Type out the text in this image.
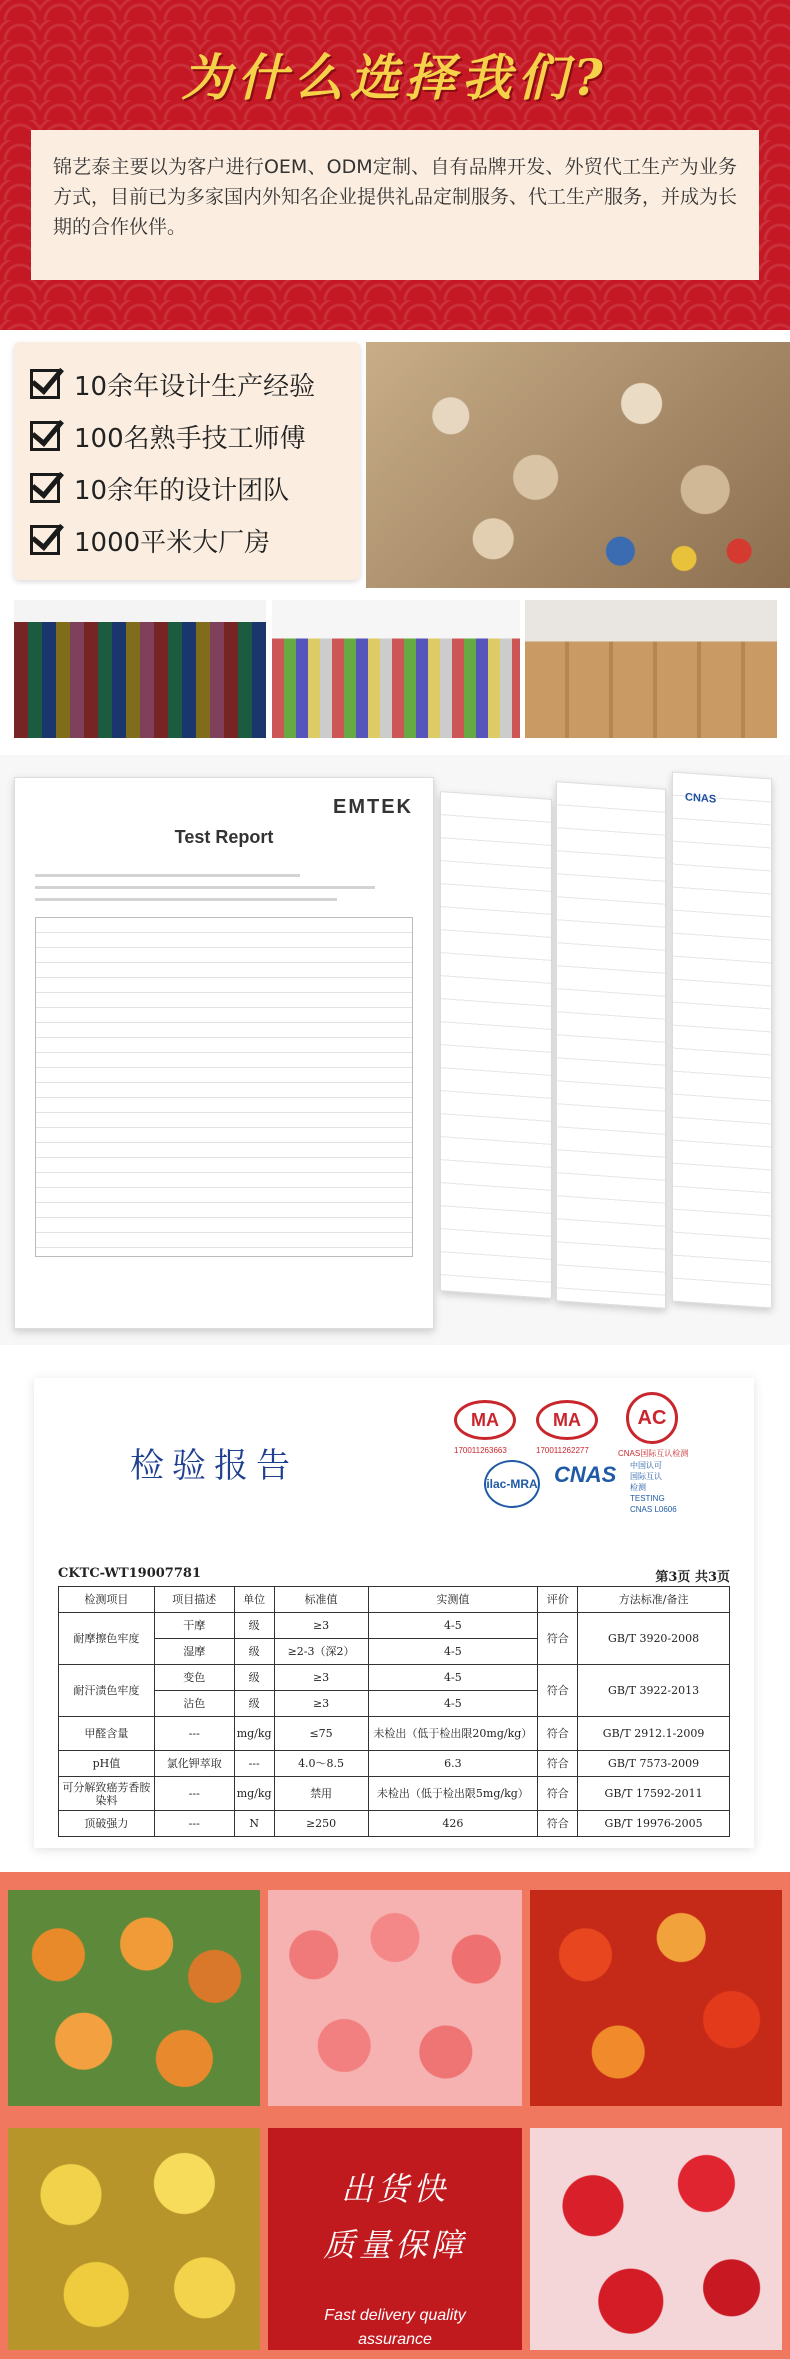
为什么选择我们?

锦艺泰主要以为客户进行OEM、ODM定制、自有品牌开发、外贸代工生产为业务方式，目前已为多家国内外知名企业提供礼品定制服务、代工生产服务，并成为长期的合作伙伴。

10余年设计生产经验
100名熟手技工师傅
10余年的设计团队
1000平米大厂房
EMTEK
Test Report
CNAS
检验报告
MA
170011263663
MA
170011262277
AC
CNAS国际互认检测
ilac-MRA CNAS 中国认可
国际互认
检测
TESTING
CNAS L0606
CKTC-WT19007781	第3页 共3页
检测项目	项目描述	单位	标准值	实测值	评价	方法标准/备注
耐摩擦色牢度	干摩	级	≥3	4-5	符合	GB/T 3920-2008
	湿摩	级	≥2-3（深2）	4-5		
耐汗渍色牢度	变色	级	≥3	4-5	符合	GB/T 3922-2013
	沾色	级	≥3	4-5		
甲醛含量	---	mg/kg	≤75	未检出（低于检出限20mg/kg）	符合	GB/T 2912.1-2009
pH值	氯化钾萃取	---	4.0～8.5	6.3	符合	GB/T 7573-2009
可分解致癌芳香胺染料	---	mg/kg	禁用	未检出（低于检出限5mg/kg）	符合	GB/T 17592-2011
顶破强力	---	N	≥250	426	符合	GB/T 19976-2005
出货快
质量保障
Fast delivery quality
assurance
